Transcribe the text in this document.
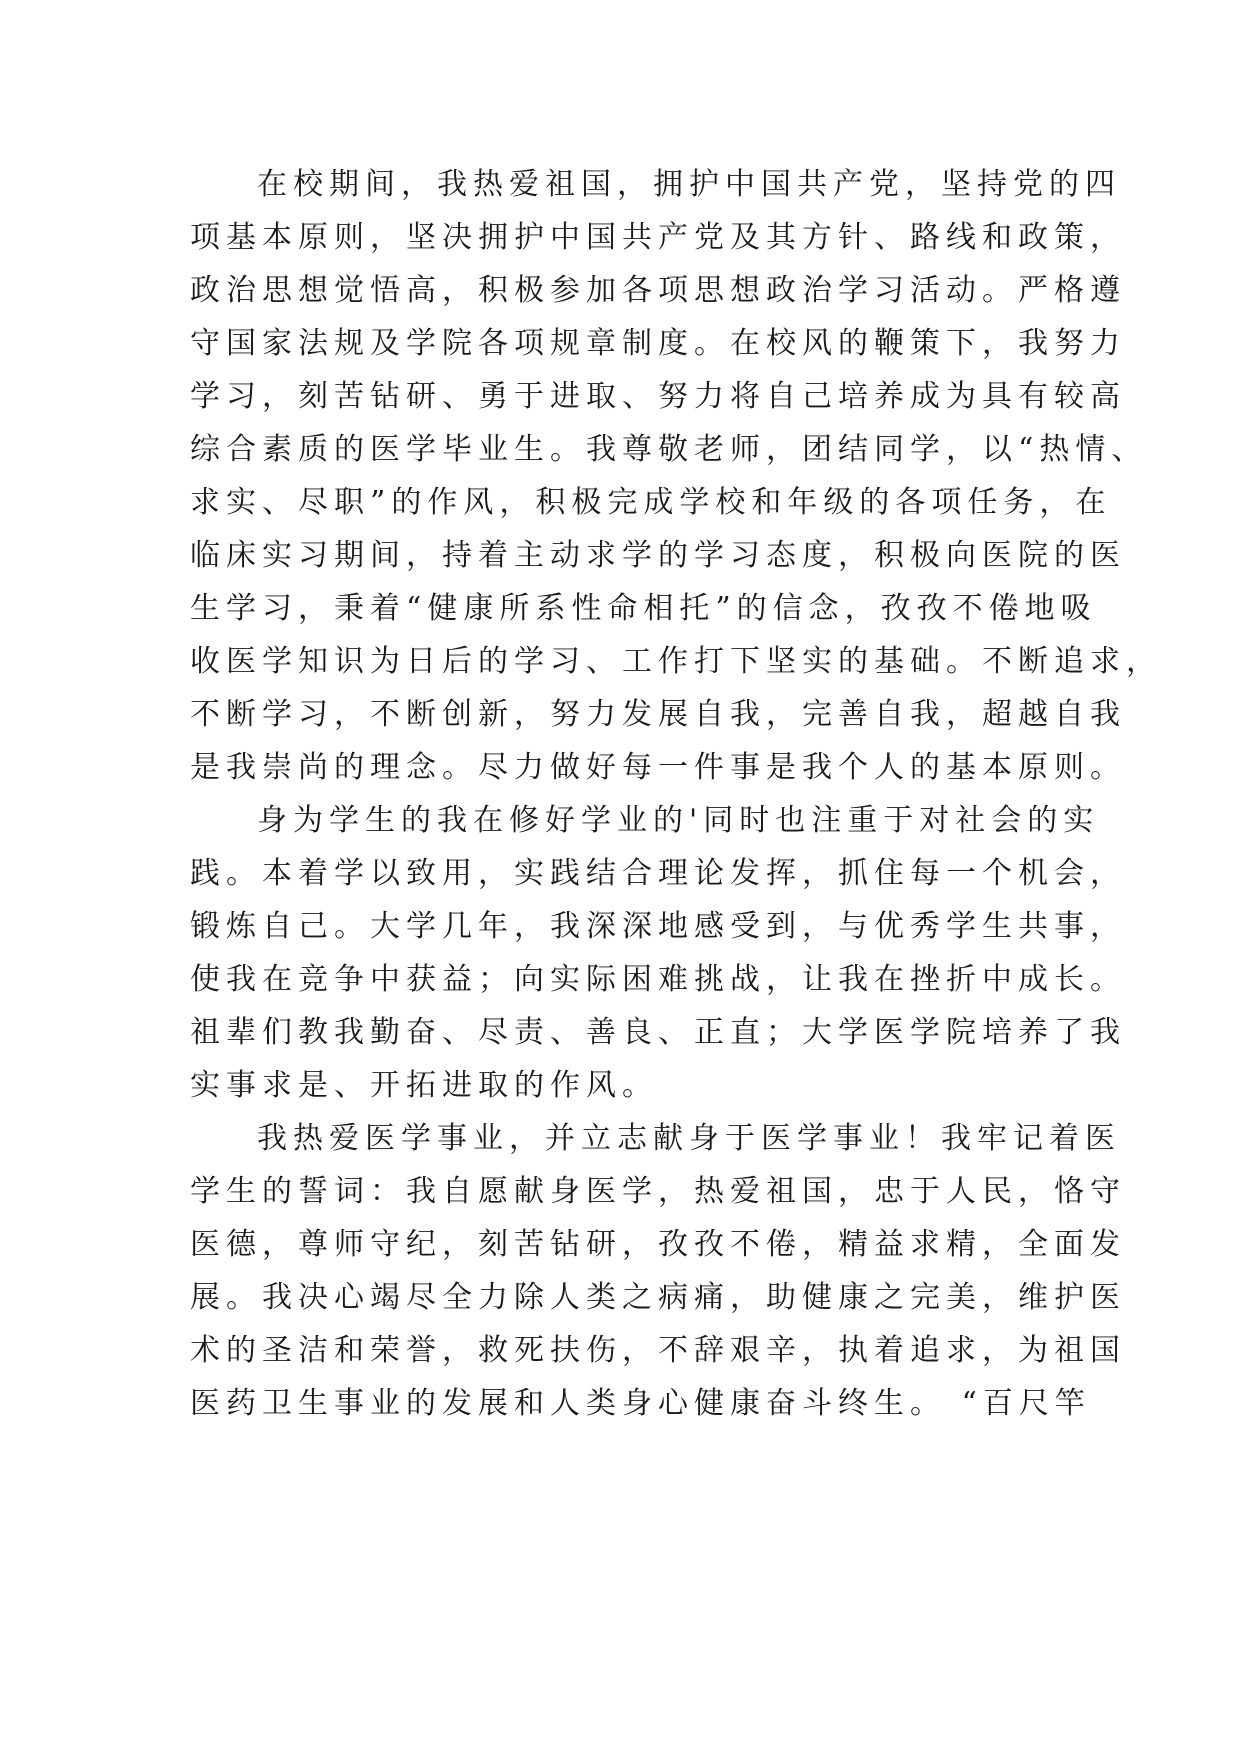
在校期间，我热爱祖国，拥护中国共产党，坚持党的四
项基本原则，坚决拥护中国共产党及其方针、路线和政策，
政治思想觉悟高，积极参加各项思想政治学习活动。严格遵
守国家法规及学院各项规章制度。在校风的鞭策下，我努力
学习，刻苦钻研、勇于进取、努力将自己培养成为具有较高
综合素质的医学毕业生。我尊敬老师，团结同学，以“热情、
求实、尽职”的作风，积极完成学校和年级的各项任务，在
临床实习期间，持着主动求学的学习态度，积极向医院的医
生学习，秉着“健康所系性命相托”的信念，孜孜不倦地吸
收医学知识为日后的学习、工作打下坚实的基础。不断追求，
不断学习，不断创新，努力发展自我，完善自我，超越自我
是我崇尚的理念。尽力做好每一件事是我个人的基本原则。
身为学生的我在修好学业的'同时也注重于对社会的实
践。本着学以致用，实践结合理论发挥，抓住每一个机会，
锻炼自己。大学几年，我深深地感受到，与优秀学生共事，
使我在竞争中获益；向实际困难挑战，让我在挫折中成长。
祖辈们教我勤奋、尽责、善良、正直；大学医学院培养了我
实事求是、开拓进取的作风。
我热爱医学事业，并立志献身于医学事业！我牢记着医
学生的誓词：我自愿献身医学，热爱祖国，忠于人民，恪守
医德，尊师守纪，刻苦钻研，孜孜不倦，精益求精，全面发
展。我决心竭尽全力除人类之病痛，助健康之完美，维护医
术的圣洁和荣誉，救死扶伤，不辞艰辛，执着追求，为祖国
医药卫生事业的发展和人类身心健康奋斗终生。 “百尺竿
